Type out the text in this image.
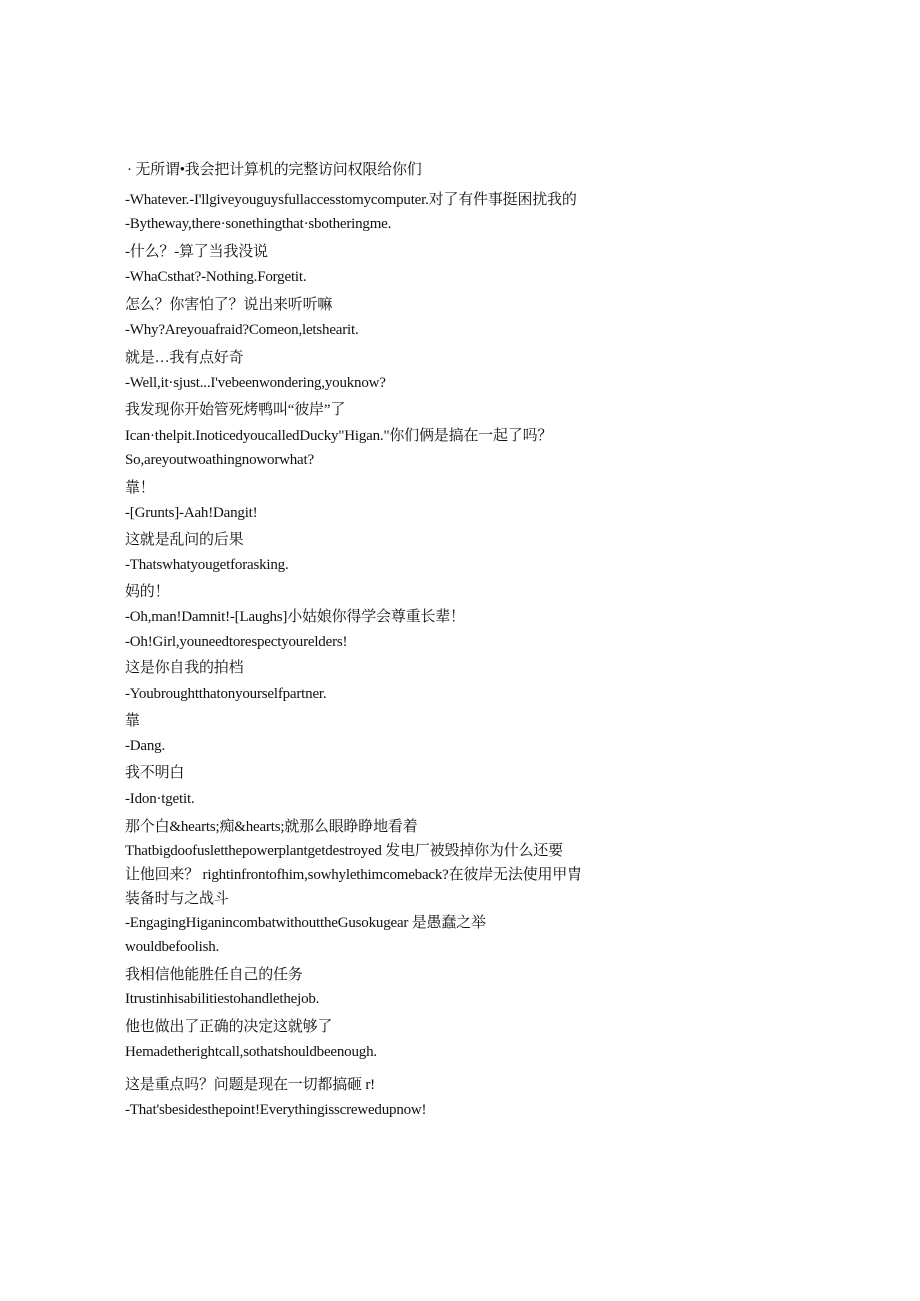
· 无所谓•我会把计算机的完整访问权限给你们
-Whatever.-I'llgiveyouguysfullaccesstomycomputer.对了有件事挺困扰我的
-Bytheway,there·sonethingthat·sbotheringme.
-什么？-算了当我没说
-WhaCsthat?-Nothing.Forgetit.
怎么？你害怕了？说出来听听嘛
-Why?Areyouafraid?Comeon,letshearit.
就是…我有点好奇
-Well,it·sjust...I'vebeenwondering,youknow?
我发现你开始管死烤鸭叫“彼岸”了
Ican·thelpit.InoticedyoucalledDucky"Higan."你们俩是搞在一起了吗？
So,areyoutwoathingnoworwhat?
靠！
-[Grunts]-Aah!Dangit!
这就是乱问的后果
-Thatswhatyougetforasking.
妈的！
-Oh,man!Damnit!-[Laughs]小姑娘你得学会尊重长辈！
-Oh!Girl,youneedtorespectyourelders!
这是你自我的拍档
-Youbroughtthatonyourselfpartner.
靠
-Dang.
我不明白
-Idon·tgetit.
那个白&hearts;痴&hearts;就那么眼睁睁地看着
Thatbigdoofusletthepowerplantgetdestroyed 发电厂被毁掉你为什么还要
让他回来？ rightinfrontofhim,sowhylethimcomeback?在彼岸无法使用甲胄
装备时与之战斗
-EngagingHiganincombatwithouttheGusokugear 是愚蠢之举
wouldbefoolish.
我相信他能胜任自己的任务
Itrustinhisabilitiestohandlethejob.
他也做出了正确的决定这就够了
Hemadetherightcall,sothatshouldbeenough.
这是重点吗？问题是现在一切都搞砸 r!
-That'sbesidesthepoint!Everythingisscrewedupnow!
